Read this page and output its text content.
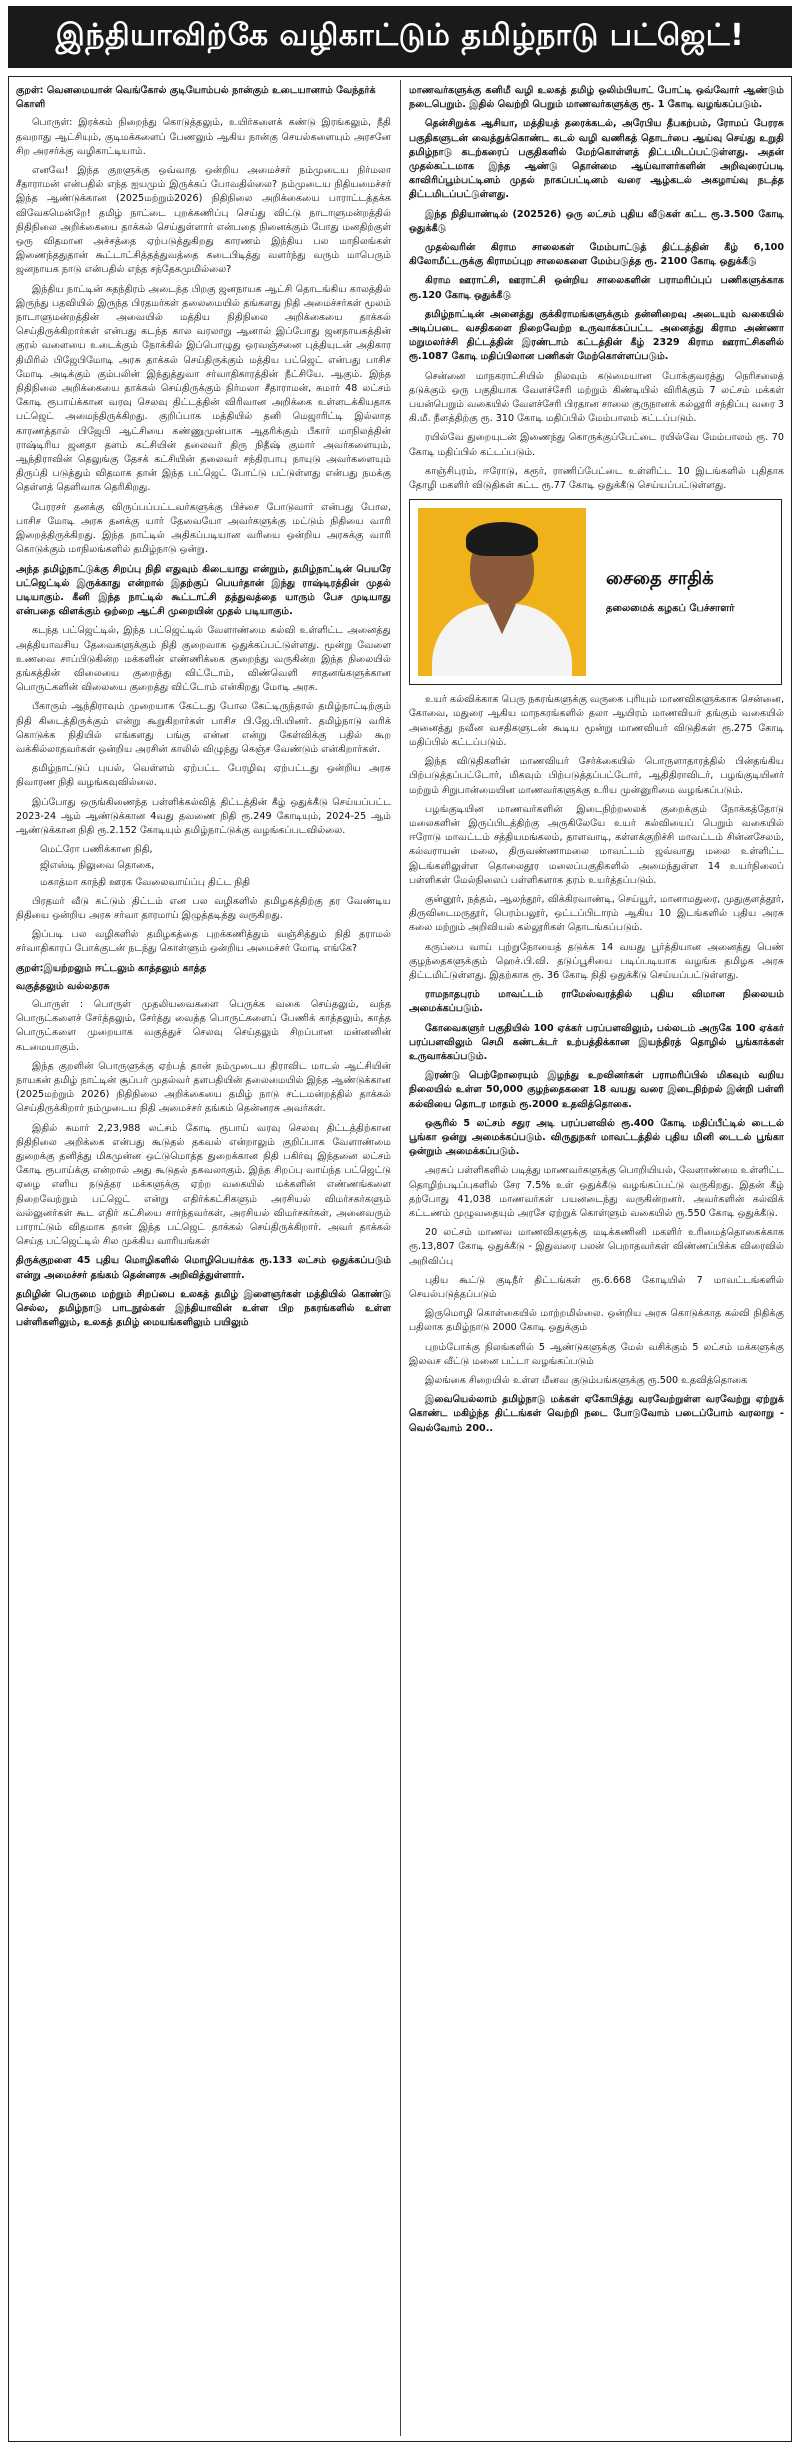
இந்தியாவிற்கே வழிகாட்டும் தமிழ்நாடு பட்ஜெட்!
குறள்: வெனமையான் வெங்கோல் குடியோம்பல் நான்கும் உடையானாம் வேந்தர்க் கொளி

பொருள்: இரக்கம் நிறைந்து கொடுத்தலும், உயிர்களைக் கண்டு இரங்கலும், நீதி தவறாது ஆட்சியும், குடிமக்களைப் பேணலும் ஆகிய நான்கு செயல்களையும் அரசனே சிற அரசர்க்கு வழிகாட்டியாம்.

எனவே! இந்த குறளுக்கு ஒவ்வாத ஒன்றிய அமைச்சர் நம்முடைய நிர்மலா சீதாராமன் என்பதில் எந்த ஐயமும் இருக்கப் போவதில்லை? நம்முடைய நிதியமைச்சர் இந்த ஆண்டுக்கான (2025மற்றும்2026) நிதிநிலை அறிக்கையை பாராட்டத்தக்க விவேகமென்றே! தமிழ் நாட்டை புறக்கணிப்பு செய்து விட்டு நாடாளுமன்றத்தில் நிதிநிலை அறிக்கையை தாக்கல் செய்துள்ளார் என்பதை நினைக்கும் போது மனதிற்குள் ஒரு விதமான அச்சத்தை ஏற்படுத்துகிறது காரணம் இந்திய பல மாநிலங்கள் இணைந்ததுதான் கூட்டாட்சித்தத்துவத்தை கடைபிடித்து வளர்ந்து வரும் மாபெரும் ஜனநாயக நாடு என்பதில் எந்த சந்தேகமுமில்லை?

இந்திய நாட்டின் சுதந்திரம் அடைந்த பிறகு ஜனநாயக ஆட்சி தொடங்கிய காலத்தில் இருந்து பதவியில் இருந்த பிரதமர்கள் தலைமையில் தங்களது நிதி அமைச்சர்கள் மூலம் நாடாளுமன்றத்தின் அவையில் மத்திய நிதிநிலை அறிக்கையை தாக்கல் செய்திருக்கிறார்கள் என்பது கடந்த கால வரலாறு ஆனால் இப்போது ஜனநாயகத்தின் குரல் வளையை உடைக்கும் நோக்கில் இப்பொழுது ஒரவஞ்சனை புத்தியுடன் அதிகார திமிரில் பிஜேபிமோடி அரசு தாக்கல் செய்திருக்கும் மத்திய பட்ஜெட் என்பது பாசிச மோடி அடிக்கும் கும்பலின் இந்துத்துவா சர்வாதிகாரத்தின் நீட்சியே. ஆகும். இந்த நிதிநிலை அறிக்கையை தாக்கல் செய்திருக்கும் நிர்மலா சீதாராமன், சுமார் 48 லட்சம் கோடி ரூபாய்க்கான வரவு செலவு திட்டத்தின் விரிவான அறிக்கை உள்ளடக்கியதாக பட்ஜெட் அமைந்திருக்கிறது. குறிப்பாக மத்தியில் தனி மெஜாரிட்டி இல்லாத காரணத்தால் பிஜேபி ஆட்சியை கண்ணுமுன்பாக ஆதரிக்கும் பீகார் மாநிலத்தின் ராஷ்டிரிய ஜனதா தளம் கட்சியின் தலைவர் திரு நிதீஷ் குமார் அவர்களையும், ஆந்திராவின் தெலுங்கு தேசக் கட்சியின் தலைவர் சந்திரபாபு நாயுடு அவர்களையும் திருப்தி படுத்தும் விதமாக தான் இந்த பட்ஜெட் போட்டு பட்டுள்ளது என்பது நமக்கு தெள்ளத் தெளிவாக தெரிகிறது.

பேரரசர் தனக்கு விருப்பப்பட்டவர்களுக்கு பிச்சை போடுவார் என்பது போல, பாசிச மோடி அரசு தனக்கு யார் தேவையோ அவர்களுக்கு மட்டும் நிதியை வாரி இறைத்திருக்கிறது. இந்த நாட்டில் அதிகப்படியான வரியை ஒன்றிய அரசுக்கு வாரி கொடுக்கும் மாநிலங்களில் தமிழ்நாடு ஒன்று.

அந்த தமிழ்நாட்டுக்கு சிறப்பு நிதி எதுவும் கிடையாது என்றும், தமிழ்நாட்டின் பெயரே பட்ஜெட்டில் இருக்காது என்றால் இதற்குப் பெயர்தான் இந்து ராஷ்டிரத்தின் முதல் படியாகும். கீனி இந்த நாட்டில் கூட்டாட்சி தத்துவத்தை யாரும் பேச முடியாது என்பதை விளக்கும் ஒற்றை ஆட்சி முறையின் முதல் படியாகும்.

கடந்த பட்ஜெட்டில், இந்த பட்ஜெட்டில் வேளாண்மை கல்வி உள்ளிட்ட அனைத்து அத்தியாவசிய தேவைகளுக்கும் நிதி குறைவாக ஒதுக்கப்பட்டுள்ளது. மூன்று வேளை உணவை சாப்பிடுகின்ற மக்களின் எண்ணிக்கை குறைந்து வருகின்ற இந்த நிலையில் தங்கத்தின் விலையை குறைத்து விட்டோம், விண்வெளி சாதனங்களுக்கான பொருட்களின் விலையை குறைத்து விட்டோம் என்கிறது மோடி அரசு.

பீகாரும் ஆந்திராவும் முறையாக கேட்டது போல கேட்டிருந்தால் தமிழ்நாட்டிற்கும் நிதி கிடைத்திருக்கும் என்று கூறுகிறார்கள் பாசிச பி.ஜே.பி.யினர். தமிழ்நாடு வரிக் கொடுக்க நிதியில் எங்களது பங்கு என்ன என்று கேள்விக்கு பதில் கூற வக்கில்லாதவர்கள் ஒன்றிய அரசின் காலில் விழுந்து கெஞ்ச வேண்டும் என்கிறார்கள்.

தமிழ்நாட்டுப் புயல், வெள்ளம் ஏற்பட்ட பேரழிவு ஏற்பட்டது ஒன்றிய அரசு நிவாரண நிதி வழங்கவுவில்லை.

இப்போது ஒருங்கிணைந்த பள்ளிக்கல்வித் திட்டத்தின் கீழ் ஒதுக்கீடு செய்யப்பட்ட 2023-24 ஆம் ஆண்டுக்கான 4வது தவணை நிதி ரூ.249 கோடியும், 2024-25 ஆம் ஆண்டுக்கான நிதி ரூ.2.152 கோடியும் தமிழ்நாட்டுக்கு வழங்கப்படவில்லை.

மெட்ரோ பணிக்கான நிதி,
ஜிஎஸ்டி நிலுவை தொகை,
மகாத்மா காந்தி ஊரக வேலைவாய்ப்பு திட்ட நிதி

பிரதமர் வீடு கட்டும் திட்டம் என பல வழிகளில் தமிழகத்திற்கு தர வேண்டிய நிதியை ஒன்றிய அரசு சர்வா தாரமாய் இழுத்தடித்து வருகிறது.

இப்படி பல வழிகளில் தமிழகத்தை புறக்கணித்தும் வஞ்சித்தும் நிதி தராமல் சர்வாதிகாரப் போக்குடன் நடந்து கொள்ளும் ஒன்றிய அமைச்சர் மோடி எங்கே?

குறள்:இயற்றலும் ஈட்டலும் காத்தலும் காத்த
வகுத்தலும் வல்லதரசு

பொருள் : பொருள் முதலியவைகளை பெருக்க வகை செய்தலும், வந்த பொருட்களைச் சேர்த்தலும், சேர்த்து வைத்த பொருட்களைப் பேணிக் காத்தலும், காத்த பொருட்களை முறையாக வகுத்துச் செலவு செய்தலும் சிறப்பான மன்னனின் கடமையாகும்.

இந்த குறளின் பொருளுக்கு ஏற்பத் தான் நம்முடைய திராவிட மாடல் ஆட்சியின் நாயகன் தமிழ் நாட்டின் சூப்பர் முதல்வர் தளபதியின் தலைமையில் இந்த ஆண்டுக்கான (2025மற்றும் 2026) நிதிநிலை அறிக்கையை தமிழ் நாடு சட்டமன்றத்தில் தாக்கல் செய்திருக்கிறார் நம்முடைய நிதி அமைச்சர் தங்கம் தென்னரசு அவர்கள்.

இதில் சுமார் 2,23,988 லட்சம் கோடி ரூபாய் வரவு செலவு திட்டத்திற்கான நிதிநிலை அறிக்கை என்பது கூடுதல் தகவல் என்றாலும் குறிப்பாக வேளாண்மை துறைக்கு தனித்து மிகமுன்ன ஒட்டுமொத்த துறைக்கான நிதி பகிர்வு இந்தனை லட்சம் கோடி ரூபாய்க்கு என்றால் அது கூடுதல் தகவலாகும். இந்த சிறப்பு வாய்ந்த பட்ஜெட்டு ஏழை எளிய நடுத்தர மக்களுக்கு ஏற்ற வகையில் மக்களின் எண்ணங்களை நிறைவேற்றும் பட்ஜெட் என்று எதிர்க்கட்சிகளும் அரசியல் விமர்சகர்களும் வல்லுனர்கள் கூட எதிர் கட்சியை சார்ந்தவர்கள், அரசியல் விமர்சகர்கள், அனைவரும் பாராட்டும் விதமாக தான் இந்த பட்ஜெட் தாக்கல் செய்திருக்கிறார். அவர் தாக்கல் செய்த பட்ஜெட்டில் சில முக்கிய வாரியங்கள்

திருக்குறளை 45 புதிய மொழிகளில் மொழிபெயர்க்க ரூ.133 லட்சம் ஒதுக்கப்படும் என்று அமைச்சர் தங்கம் தென்னரசு அறிவித்துள்ளார்.

தமிழின் பெருமை மற்றும் சிறப்பை உலகத் தமிழ் இளைஞர்கள் மத்தியில் கொண்டு செல்ல, தமிழ்நாடு பாடநூல்கள் இந்தியாவின் உள்ள பிற நகரங்களில் உள்ள பள்ளிகளிலும், உலகத் தமிழ் மையங்களிலும் பயிலும்

மாணவர்களுக்கு கனிமீ வழி உலகத் தமிழ் ஒலிம்பியாட் போட்டி ஒவ்வோர் ஆண்டும் நடைபெறும். இதில் வெற்றி பெறும் மாணவர்களுக்கு ரூ. 1 கோடி வழங்கப்படும்.

தென்சிறுக்க ஆசியா, மத்தியத் தரைக்கடல், அரேபிய தீபகற்பம், ரோமப் பேரரசு பகுதிகளுடன் வைத்துக்கொண்ட கடல் வழி வணிகத் தொடர்பை ஆய்வு செய்து உறுதி தமிழ்நாடு கடற்கரைப் பகுதிகளில் மேற்கொள்ளத் திட்டமிடப்பட்டுள்ளது. அதன் முதல்கட்டமாக இந்த ஆண்டு தொன்மை ஆய்வாளர்களின் அறிவுரைப்படி காவிரிப்பூம்பட்டினம் முதல் நாகப்பட்டினம் வரை ஆழ்கடல் அகழாய்வு நடத்த திட்டமிடப்பட்டுள்ளது.

இந்த நிதியாண்டில் (202526) ஒரு லட்சம் புதிய வீடுகள் கட்ட ரூ.3.500 கோடி ஒதுக்கீடு

முதல்வரின் கிராம சாலைகள் மேம்பாட்டுத் திட்டத்தின் கீழ் 6,100 கிலோமீட்டருக்கு கிராமப்புற சாலைகளை மேம்படுத்த ரூ. 2100 கோடி ஒதுக்கீடு

கிராம ஊராட்சி, ஊராட்சி ஒன்றிய சாலைகளின் பராமரிப்புப் பணிகளுக்காக ரூ.120 கோடி ஒதுக்கீடு

தமிழ்நாட்டின் அனைத்து குக்கிராமங்களுக்கும் தன்னிறைவு அடையும் வகையில் அடிப்படை வசதிகளை நிறைவேற்ற உருவாக்கப்பட்ட அனைத்து கிராம அண்ணா மறுமலர்ச்சி திட்டத்தின் இரண்டாம் கட்டத்தின் கீழ் 2329 கிராம ஊராட்சிகளில் ரூ.1087 கோடி மதிப்பிலான பணிகள் மேற்கொள்ளப்படும்.

சென்னை மாநகராட்சியில் நிலவும் கடுமையான போக்குவரத்து நெரிசலைத் தடுக்கும் ஒரு பகுதியாக வேளச்சேரி மற்றும் கிண்டியில் விரிக்கும் 7 லட்சம் மக்கள் பயன்பெறும் வகையில் வேளச்சேரி பிரதான சாலை குருநானக் கல்லூரி சந்திப்பு வரை 3 கி.மீ. நீளத்திற்கு ரூ. 310 கோடி மதிப்பில் மேம்பாலம் கட்டப்படும்.

ரயில்வே துறையுடன் இணைந்து கொருக்குப்பேட்டை ரயில்வே மேம்பாலம் ரூ. 70 கோடி மதிப்பில் கட்டப்படும்.

காஞ்சிபுரம், ஈரோடு, கரூர், ராணிப்பேட்டை உள்ளிட்ட 10 இடங்களில் புதிதாக தோழி மகளிர் விடுதிகள் கட்ட ரூ.77 கோடி ஒதுக்கீடு செய்யப்பட்டுள்ளது.

சைதை சாதிக்
தலைமைக் கழகப் பேச்சாளர்

உயர் கல்விக்காக பெரு நகரங்களுக்கு வருகை புரியும் மாணவிகளுக்காக சென்னை, கோவை, மதுரை ஆகிய மாநகரங்களில் தலா ஆயிரம் மாணவியர் தங்கும் வகையில் அனைத்து நவீன வசதிகளுடன் கூடிய மூன்று மாணவியர் விடுதிகள் ரூ.275 கோடி மதிப்பில் கட்டப்படும்.

இந்த விடுதிகளின் மாணவியர் சேர்க்கையில் பொருளாதாரத்தில் பின்தங்கிய பிற்படுத்தப்பட்டோர், மிகவும் பிற்படுத்தப்பட்டோர், ஆதிதிராவிடர், பழங்குடியினர் மற்றும் சிறுபான்மையின மாணவர்களுக்கு உரிய முன்னுரிமை வழங்கப்படும்.

பழங்குடியின மாணவர்களின் இடைநிற்றலைக் குறைக்கும் நோக்கத்தோடு மலைகளின் இருப்பிடத்திற்கு அருகிலேயே உயர் கல்வியைப் பெறும் வகையில் ஈரோடு மாவட்டம் சத்தியமங்கலம், தாளவாடி, கள்ளக்குறிச்சி மாவட்டம் சின்னசேலம், கல்வராயன் மலை, திருவண்ணாமலை மாவட்டம் ஜவ்வாது மலை உள்ளிட்ட இடங்களிலுள்ள தொலைதூர மலைப்பகுதிகளில் அமைந்துள்ள 14 உயர்நிலைப் பள்ளிகள் மேல்நிலைப் பள்ளிகளாக தரம் உயர்த்தப்படும்.

குன்னூர், நத்தம், ஆலந்தூர், விக்கிரவாண்டி, செய்யூர், மானாமதுரை, முதுகுளத்தூர், திருவிடைமருதூர், பெரம்பலூர், ஒட்டப்பிடாரம் ஆகிய 10 இடங்களில் புதிய அரசு கலை மற்றும் அறிவியல் கல்லூரிகள் தொடங்கப்படும்.

கருப்பை வாய் புற்றுநோயைத் தடுக்க 14 வயது பூர்த்தியான அனைத்து பெண் குழந்தைகளுக்கும் ஹெச்.பி.வி. தடுப்பூசியை படிப்படியாக வழங்க தமிழக அரசு திட்டமிட்டுள்ளது. இதற்காக ரூ. 36 கோடி நிதி ஒதுக்கீடு செய்யப்பட்டுள்ளது.

ராமநாதபுரம் மாவட்டம் ராமேஸ்வரத்தில் புதிய விமான நிலையம் அமைக்கப்படும்.

கோவைகளுர் பகுதியில் 100 ஏக்கர் பரப்பளவிலும், பல்லடம் அருகே 100 ஏக்கர் பரப்பளவிலும் செமி கண்டக்டர் உற்பத்திக்கான இயந்திரத் தொழில் பூங்காக்கள் உருவாக்கப்படும்.

இரண்டு பெற்றோரையும் இழந்து உறவினர்கள் பராமரிப்பில் மிகவும் வறிய நிலையில் உள்ள 50,000 குழந்தைகளை 18 வயது வரை இடைநிற்றல் இன்றி பள்ளி கல்வியை தொடர மாதம் ரூ.2000 உதவித்தொகை.

ஒசூரில் 5 லட்சம் சதுர அடி பரப்பளவில் ரூ.400 கோடி மதிப்பீட்டில் டைடல் பூங்கா ஒன்று அமைக்கப்படும். விருதுநகர் மாவட்டத்தில் புதிய மினி டைடல் பூங்கா ஒன்றும் அமைக்கப்படும்.

அரசுப் பள்ளிகளில் படித்து மாணவர்களுக்கு பொறியியல், வேளாண்மை உள்ளிட்ட தொழிற்படிப்புகளில் சேர 7.5% உள் ஒதுக்கீடு வழங்கப்பட்டு வருகிறது. இதன் கீழ் தற்போது 41,038 மாணவர்கள் பயனடைந்து வருகின்றனர். அவர்களின் கல்விக் கட்டணம் முழுவதையும் அரசே ஏற்றுக் கொள்ளும் வகையில் ரூ.550 கோடி ஒதுக்கீடு.

20 லட்சம் மாணவ மாணவிகளுக்கு மடிக்கணினி மகளிர் உரிமைத்தொகைக்காக ரூ.13,807 கோடி ஒதுக்கீடு - இதுவரை பலன் பெறாதவர்கள் விண்ணப்பிக்க விரைவில் அறிவிப்பு

புதிய கூட்டு குடிநீர் திட்டங்கள் ரூ.6.668 கோடியில் 7 மாவட்டங்களில் செயல்படுத்தப்படும்

இருமொழி கொள்கையில் மாற்றமில்லை. ஒன்றிய அரசு கொடுக்காத கல்வி நிதிக்கு பதிலாக தமிழ்நாடு 2000 கோடி ஒதுக்கும்

புறம்போக்கு நிலங்களில் 5 ஆண்டுகளுக்கு மேல் வசிக்கும் 5 லட்சம் மக்களுக்கு இலவச வீட்டு மனை பட்டா வழங்கப்படும்

இலங்கை சிறையில் உள்ள மீனவ குடும்பங்களுக்கு ரூ.500 உதவித்தொகை

இவையெல்லாம் தமிழ்நாடு மக்கள் ஏகோபித்து வரவேற்றுள்ள வரவேற்று ஏற்றுக் கொண்ட மகிழ்ந்த திட்டங்கள் வெற்றி நடை போடுவோம் படைப்போம் வரலாறு - வெல்வோம் 200..
